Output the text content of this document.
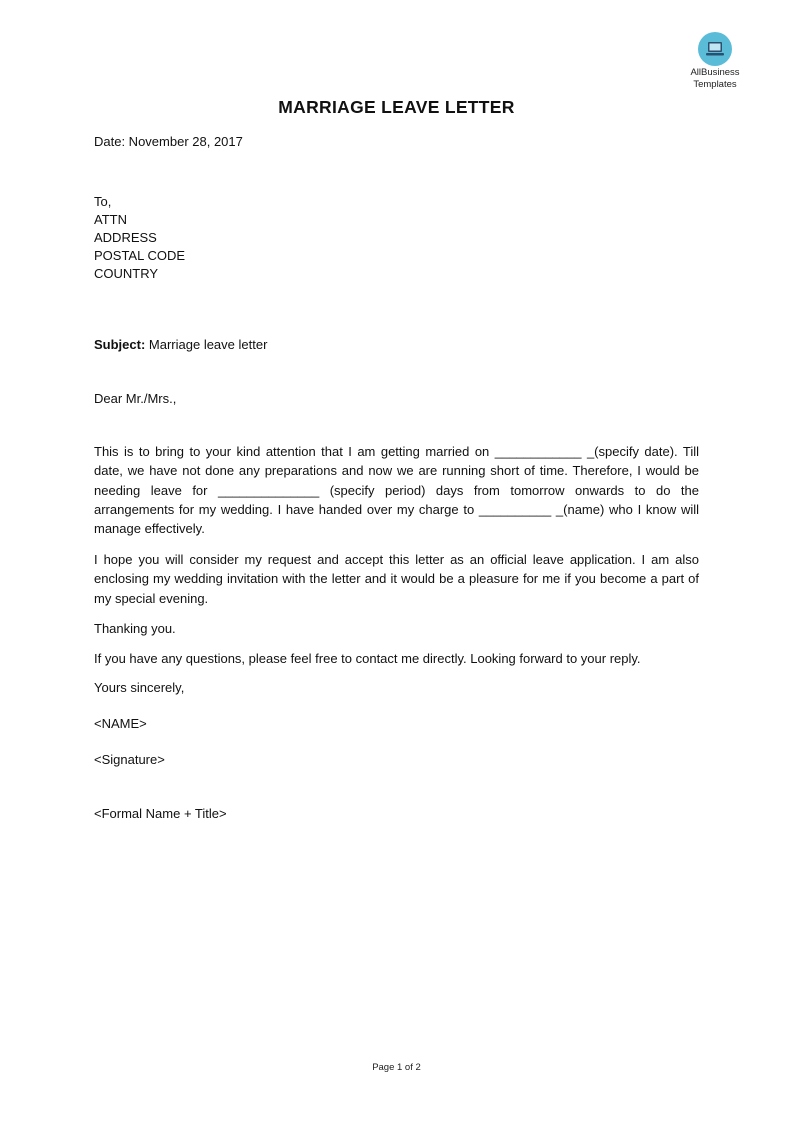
AllBusiness
Templates
MARRIAGE LEAVE LETTER
Date: November 28, 2017
To,
ATTN
ADDRESS
POSTAL CODE
COUNTRY
Subject: Marriage leave letter
Dear Mr./Mrs.,

This is to bring to your kind attention that I am getting married on ____________ _(specify date). Till date, we have not done any preparations and now we are running short of time. Therefore, I would be needing leave for ______________ (specify period) days from tomorrow onwards to do the arrangements for my wedding. I have handed over my charge to __________ _(name) who I know will manage effectively.

I hope you will consider my request and accept this letter as an official leave application. I am also enclosing my wedding invitation with the letter and it would be a pleasure for me if you become a part of my special evening.

Thanking you.

If you have any questions, please feel free to contact me directly. Looking forward to your reply.

Yours sincerely,
<NAME>
<Signature>
<Formal Name + Title>
Page 1 of 2
